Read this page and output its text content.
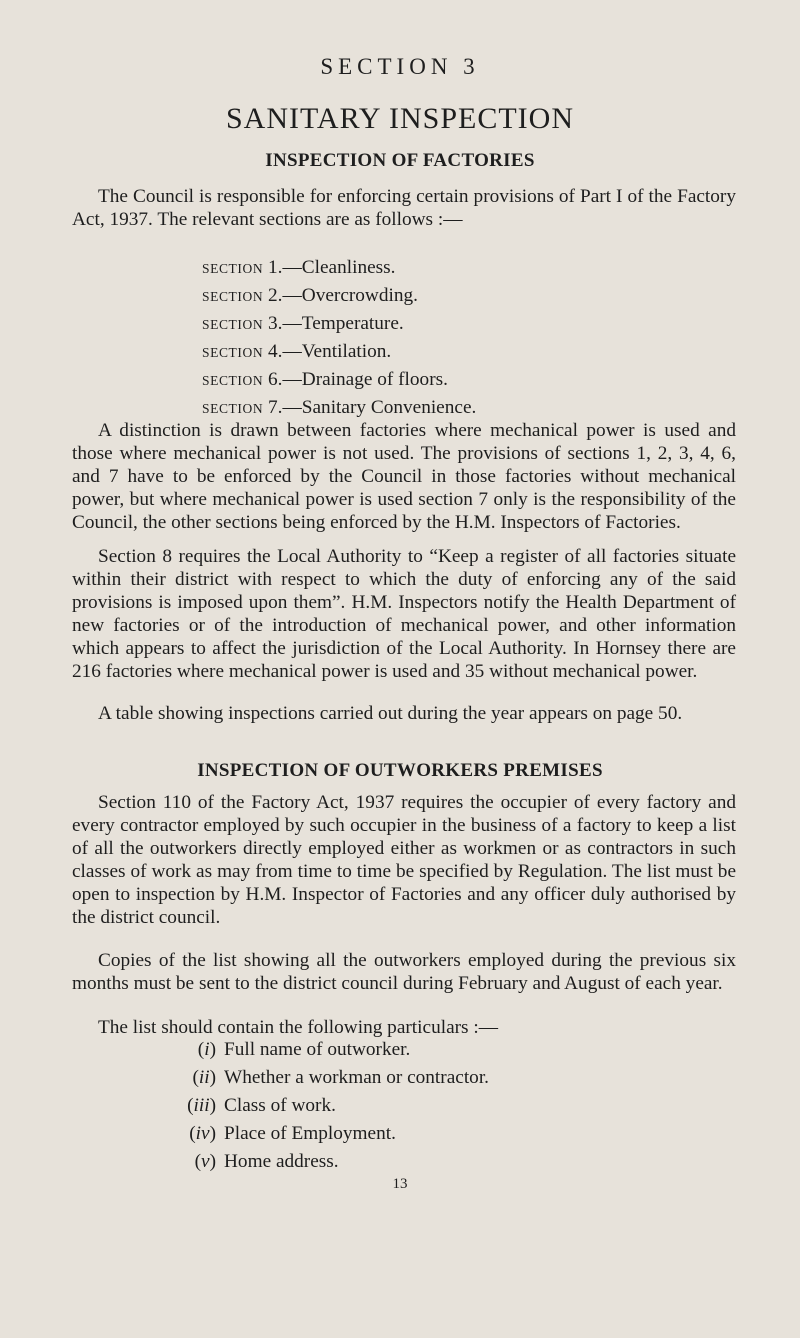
SECTION 3
SANITARY INSPECTION
INSPECTION OF FACTORIES
The Council is responsible for enforcing certain provisions of Part I of the Factory Act, 1937. The relevant sections are as follows :—
SECTION 1.—Cleanliness.
SECTION 2.—Overcrowding.
SECTION 3.—Temperature.
SECTION 4.—Ventilation.
SECTION 6.—Drainage of floors.
SECTION 7.—Sanitary Convenience.
A distinction is drawn between factories where mechanical power is used and those where mechanical power is not used. The provisions of sections 1, 2, 3, 4, 6, and 7 have to be enforced by the Council in those factories without mechanical power, but where mechanical power is used section 7 only is the responsibility of the Council, the other sections being enforced by the H.M. Inspectors of Factories.
Section 8 requires the Local Authority to “Keep a register of all factories situate within their district with respect to which the duty of enforcing any of the said provisions is imposed upon them”. H.M. Inspectors notify the Health Department of new factories or of the introduction of mechanical power, and other information which appears to affect the jurisdiction of the Local Authority. In Hornsey there are 216 factories where mechanical power is used and 35 without mechanical power.
A table showing inspections carried out during the year appears on page 50.
INSPECTION OF OUTWORKERS PREMISES
Section 110 of the Factory Act, 1937 requires the occupier of every factory and every contractor employed by such occupier in the business of a factory to keep a list of all the outworkers directly employed either as workmen or as contractors in such classes of work as may from time to time be specified by Regulation. The list must be open to inspection by H.M. Inspector of Factories and any officer duly authorised by the district council.
Copies of the list showing all the outworkers employed during the previous six months must be sent to the district council during February and August of each year.
The list should contain the following particulars :—
(i) Full name of outworker.
(ii) Whether a workman or contractor.
(iii) Class of work.
(iv) Place of Employment.
(v) Home address.
13
